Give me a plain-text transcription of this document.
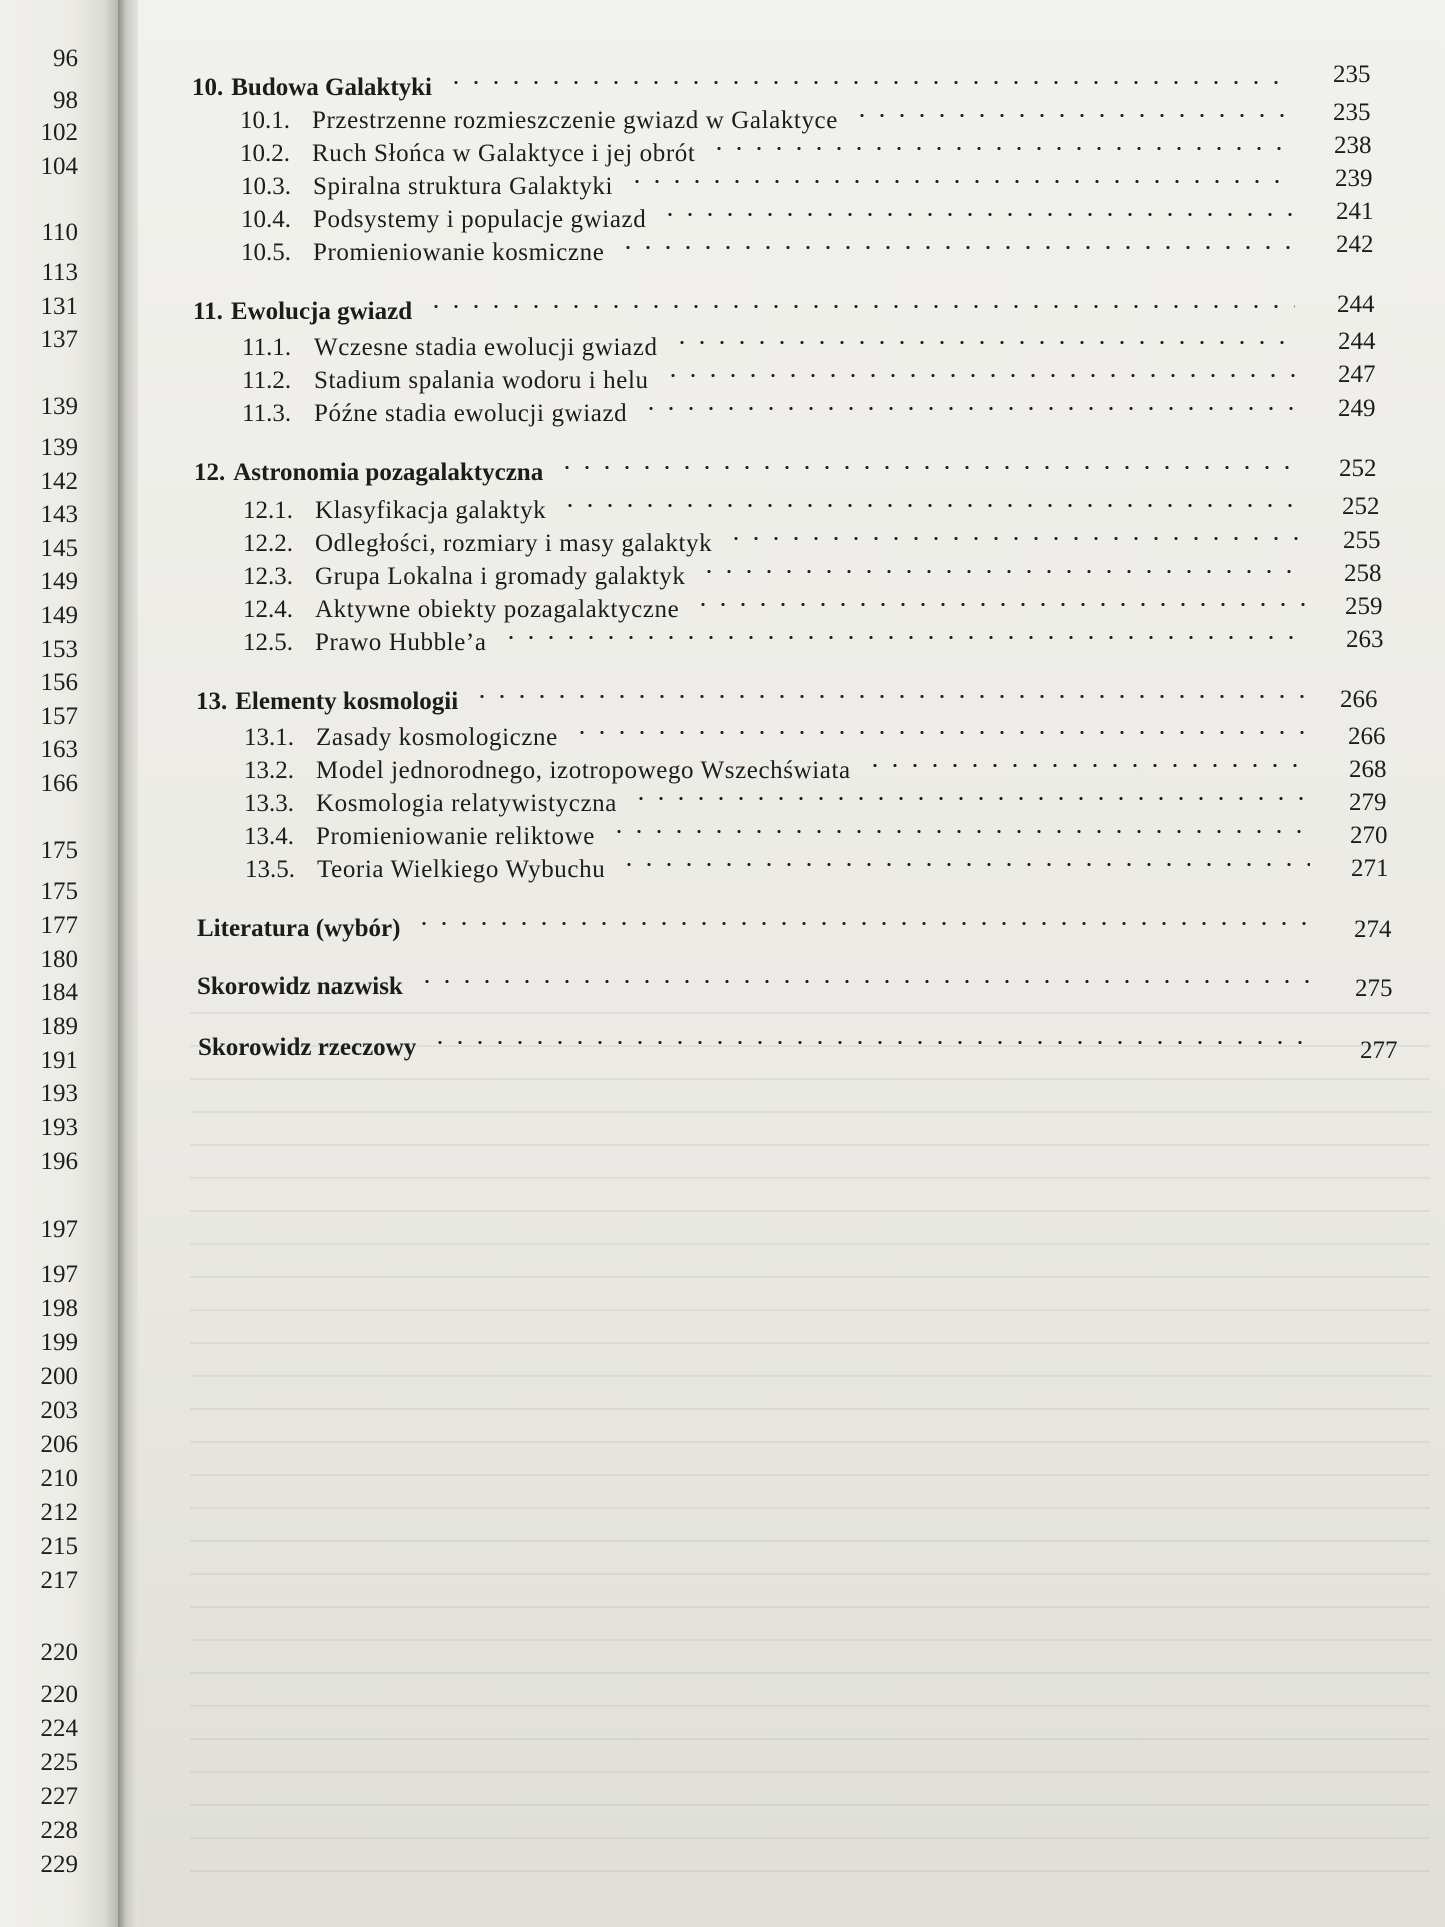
96
98
102
104
110
113
131
137
139
139
142
143
145
149
149
153
156
157
163
166
175
175
177
180
184
189
191
193
193
196
197
197
198
199
200
203
206
210
212
215
217
220
220
224
225
227
228
229
10. Budowa Galaktyki	235
10.1. Przestrzenne rozmieszczenie gwiazd w Galaktyce	235
10.2. Ruch Słońca w Galaktyce i jej obrót	238
10.3. Spiralna struktura Galaktyki	239
10.4. Podsystemy i populacje gwiazd	241
10.5. Promieniowanie kosmiczne	242
11. Ewolucja gwiazd	244
11.1. Wczesne stadia ewolucji gwiazd	244
11.2. Stadium spalania wodoru i helu	247
11.3. Późne stadia ewolucji gwiazd	249
12. Astronomia pozagalaktyczna	252
12.1. Klasyfikacja galaktyk	252
12.2. Odległości, rozmiary i masy galaktyk	255
12.3. Grupa Lokalna i gromady galaktyk	258
12.4. Aktywne obiekty pozagalaktyczne	259
12.5. Prawo Hubble’a	263
13. Elementy kosmologii	266
13.1. Zasady kosmologiczne	266
13.2. Model jednorodnego, izotropowego Wszechświata	268
13.3. Kosmologia relatywistyczna	279
13.4. Promieniowanie reliktowe	270
13.5. Teoria Wielkiego Wybuchu	271
Literatura (wybór)	274
Skorowidz nazwisk	275
Skorowidz rzeczowy	277
